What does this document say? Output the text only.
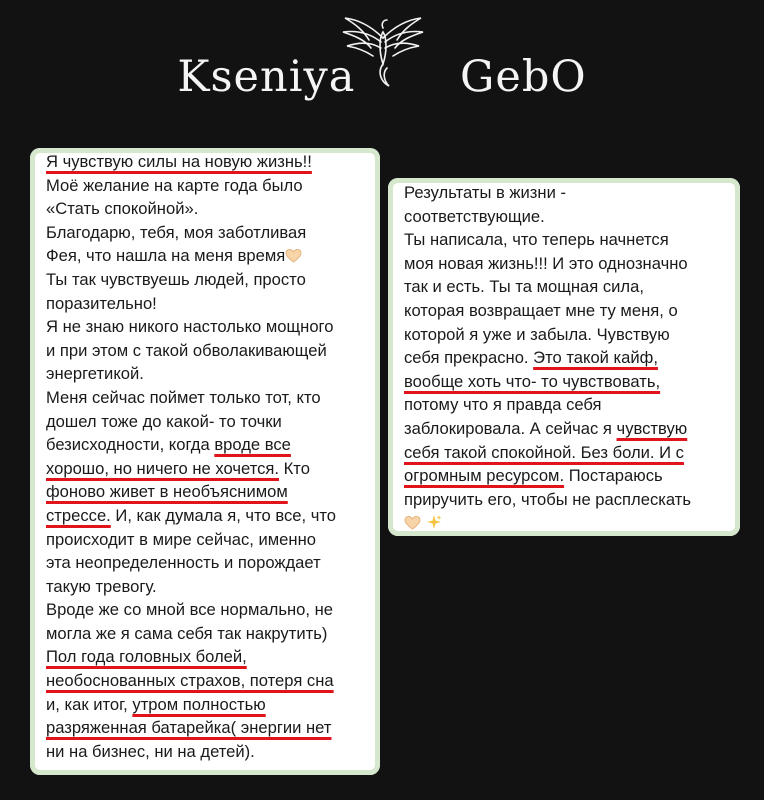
Kseniya GebO

Я чувствую силы на новую жизнь!!
Моё желание на карте года было
«Стать спокойной».
Благодарю, тебя, моя заботливая
Фея, что нашла на меня время
Ты так чувствуешь людей, просто
поразительно!
Я не знаю никого настолько мощного
и при этом с такой обволакивающей
энергетикой.
Меня сейчас поймет только тот, кто
дошел тоже до какой- то точки
безисходности, когда вроде все
хорошо, но ничего не хочется. Кто
фоново живет в необъяснимом
стрессе. И, как думала я, что все, что
происходит в мире сейчас, именно
эта неопределенность и порождает
такую тревогу.
Вроде же со мной все нормально, не
могла же я сама себя так накрутить)
Пол года головных болей,
необоснованных страхов, потеря сна
и, как итог, утром полностью
разряженная батарейка( энергии нет
ни на бизнес, ни на детей).

Результаты в жизни -
соответствующие.
Ты написала, что теперь начнется
моя новая жизнь!!! И это однозначно
так и есть. Ты та мощная сила,
которая возвращает мне ту меня, о
которой я уже и забыла. Чувствую
себя прекрасно. Это такой кайф,
вообще хоть что- то чувствовать,
потому что я правда себя
заблокировала. А сейчас я чувствую
себя такой спокойной. Без боли. И с
огромным ресурсом. Постараюсь
приручить его, чтобы не расплескать
